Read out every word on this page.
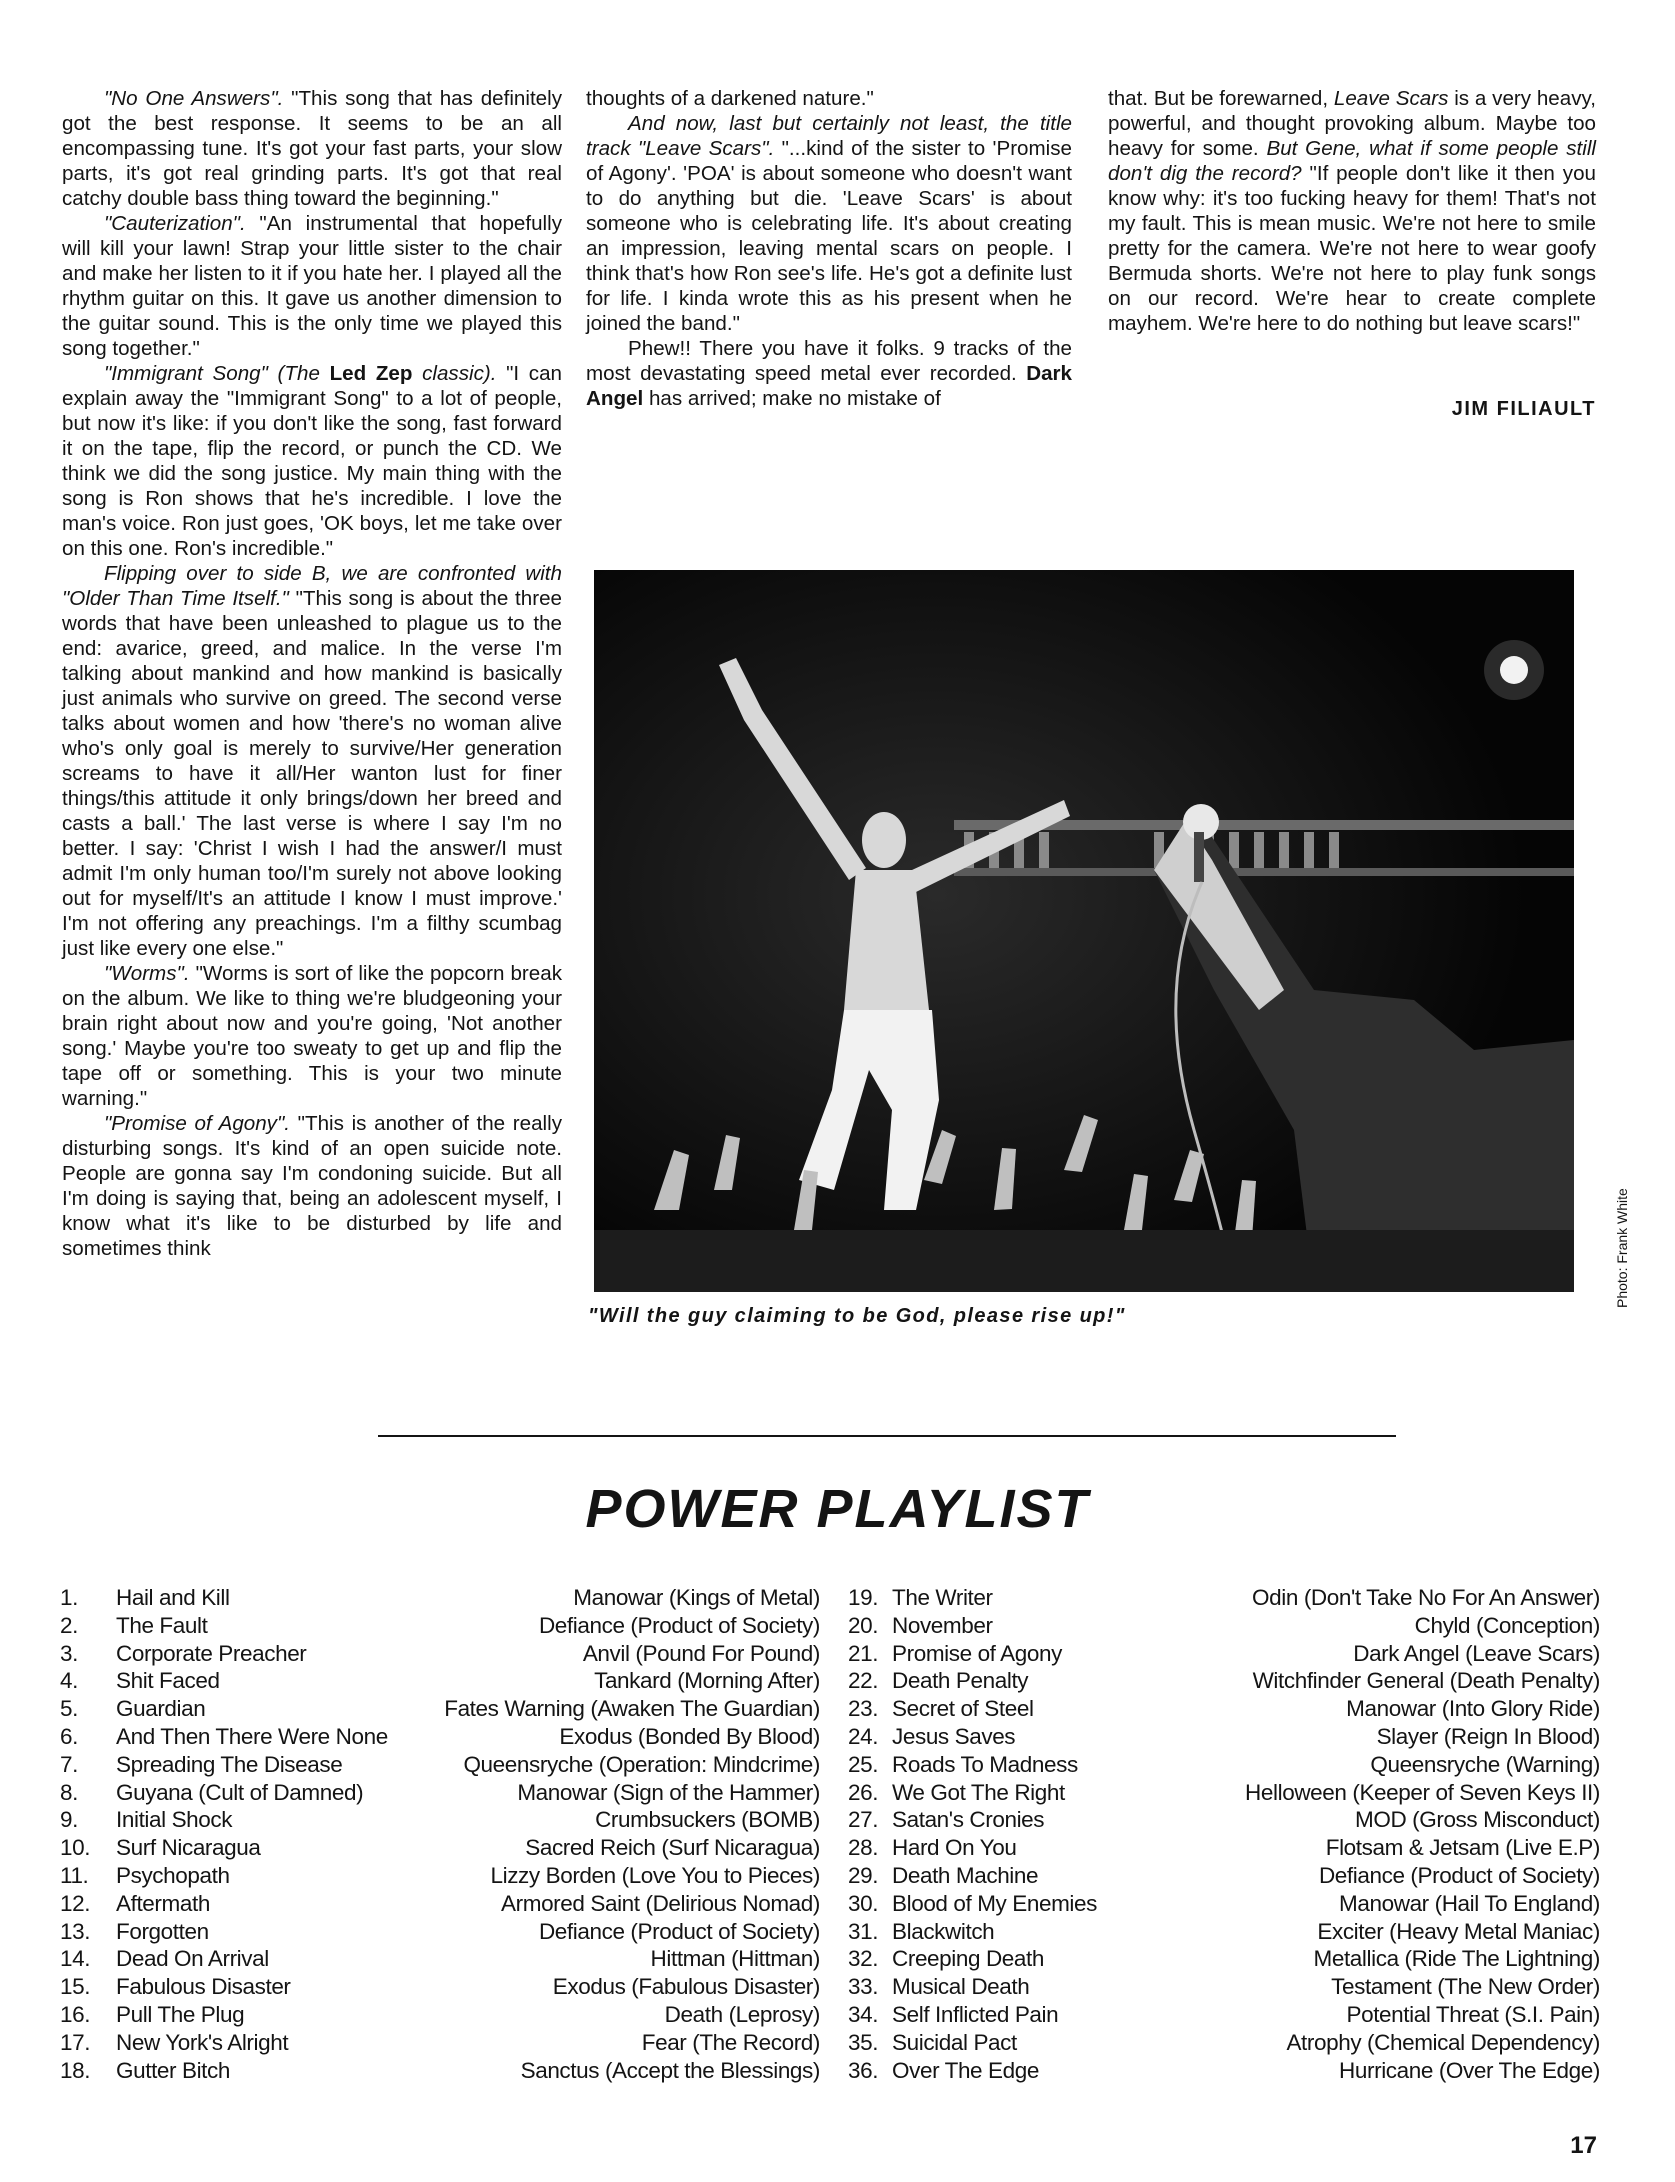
"No One Answers". "This song that has definitely got the best response. It seems to be an all encompassing tune. It's got your fast parts, your slow parts, it's got real grinding parts. It's got that real catchy double bass thing toward the beginning."

"Cauterization". "An instrumental that hopefully will kill your lawn! Strap your little sister to the chair and make her listen to it if you hate her. I played all the rhythm guitar on this. It gave us another dimension to the guitar sound. This is the only time we played this song together."

"Immigrant Song" (The Led Zep classic). "I can explain away the "Immigrant Song" to a lot of people, but now it's like: if you don't like the song, fast forward it on the tape, flip the record, or punch the CD. We think we did the song justice. My main thing with the song is Ron shows that he's incredible. I love the man's voice. Ron just goes, 'OK boys, let me take over on this one. Ron's incredible."

Flipping over to side B, we are confronted with "Older Than Time Itself." "This song is about the three words that have been unleashed to plague us to the end: avarice, greed, and malice. In the verse I'm talking about mankind and how mankind is basically just animals who survive on greed. The second verse talks about women and how 'there's no woman alive who's only goal is merely to survive/Her generation screams to have it all/Her wanton lust for finer things/this attitude it only brings/down her breed and casts a ball.' The last verse is where I say I'm no better. I say: 'Christ I wish I had the answer/I must admit I'm only human too/I'm surely not above looking out for myself/It's an attitude I know I must improve.' I'm not offering any preachings. I'm a filthy scumbag just like every one else."

"Worms". "Worms is sort of like the popcorn break on the album. We like to thing we're bludgeoning your brain right about now and you're going, 'Not another song.' Maybe you're too sweaty to get up and flip the tape off or something. This is your two minute warning."

"Promise of Agony". "This is another of the really disturbing songs. It's kind of an open suicide note. People are gonna say I'm condoning suicide. But all I'm doing is saying that, being an adolescent myself, I know what it's like to be disturbed by life and sometimes think

thoughts of a darkened nature."

And now, last but certainly not least, the title track "Leave Scars". "...kind of the sister to 'Promise of Agony'. 'POA' is about someone who doesn't want to do anything but die. 'Leave Scars' is about someone who is celebrating life. It's about creating an impression, leaving mental scars on people. I think that's how Ron see's life. He's got a definite lust for life. I kinda wrote this as his present when he joined the band."

Phew!! There you have it folks. 9 tracks of the most devastating speed metal ever recorded. Dark Angel has arrived; make no mistake of

that. But be forewarned, Leave Scars is a very heavy, powerful, and thought provoking album. Maybe too heavy for some. But Gene, what if some people still don't dig the record? "If people don't like it then you know why: it's too fucking heavy for them! That's not my fault. This is mean music. We're not here to smile pretty for the camera. We're not here to wear goofy Bermuda shorts. We're not here to play funk songs on our record. We're hear to create complete mayhem. We're here to do nothing but leave scars!"

JIM FILIAULT

Photo: Frank White

"Will the guy claiming to be God, please rise up!"

POWER PLAYLIST
1. Hail and Kill	Manowar (Kings of Metal)
2. The Fault	Defiance (Product of Society)
3. Corporate Preacher	Anvil (Pound For Pound)
4. Shit Faced	Tankard (Morning After)
5. Guardian	Fates Warning (Awaken The Guardian)
6. And Then There Were None	Exodus (Bonded By Blood)
7. Spreading The Disease	Queensryche (Operation: Mindcrime)
8. Guyana (Cult of Damned)	Manowar (Sign of the Hammer)
9. Initial Shock	Crumbsuckers (BOMB)
10. Surf Nicaragua	Sacred Reich (Surf Nicaragua)
11. Psychopath	Lizzy Borden (Love You to Pieces)
12. Aftermath	Armored Saint (Delirious Nomad)
13. Forgotten	Defiance (Product of Society)
14. Dead On Arrival	Hittman (Hittman)
15. Fabulous Disaster	Exodus (Fabulous Disaster)
16. Pull The Plug	Death (Leprosy)
17. New York's Alright	Fear (The Record)
18. Gutter Bitch	Sanctus (Accept the Blessings)
19. The Writer	Odin (Don't Take No For An Answer)
20. November	Chyld (Conception)
21. Promise of Agony	Dark Angel (Leave Scars)
22. Death Penalty	Witchfinder General (Death Penalty)
23. Secret of Steel	Manowar (Into Glory Ride)
24. Jesus Saves	Slayer (Reign In Blood)
25. Roads To Madness	Queensryche (Warning)
26. We Got The Right	Helloween (Keeper of Seven Keys II)
27. Satan's Cronies	MOD (Gross Misconduct)
28. Hard On You	Flotsam & Jetsam (Live E.P)
29. Death Machine	Defiance (Product of Society)
30. Blood of My Enemies	Manowar (Hail To England)
31. Blackwitch	Exciter (Heavy Metal Maniac)
32. Creeping Death	Metallica (Ride The Lightning)
33. Musical Death	Testament (The New Order)
34. Self Inflicted Pain	Potential Threat (S.I. Pain)
35. Suicidal Pact	Atrophy (Chemical Dependency)
36. Over The Edge	Hurricane (Over The Edge)

17
